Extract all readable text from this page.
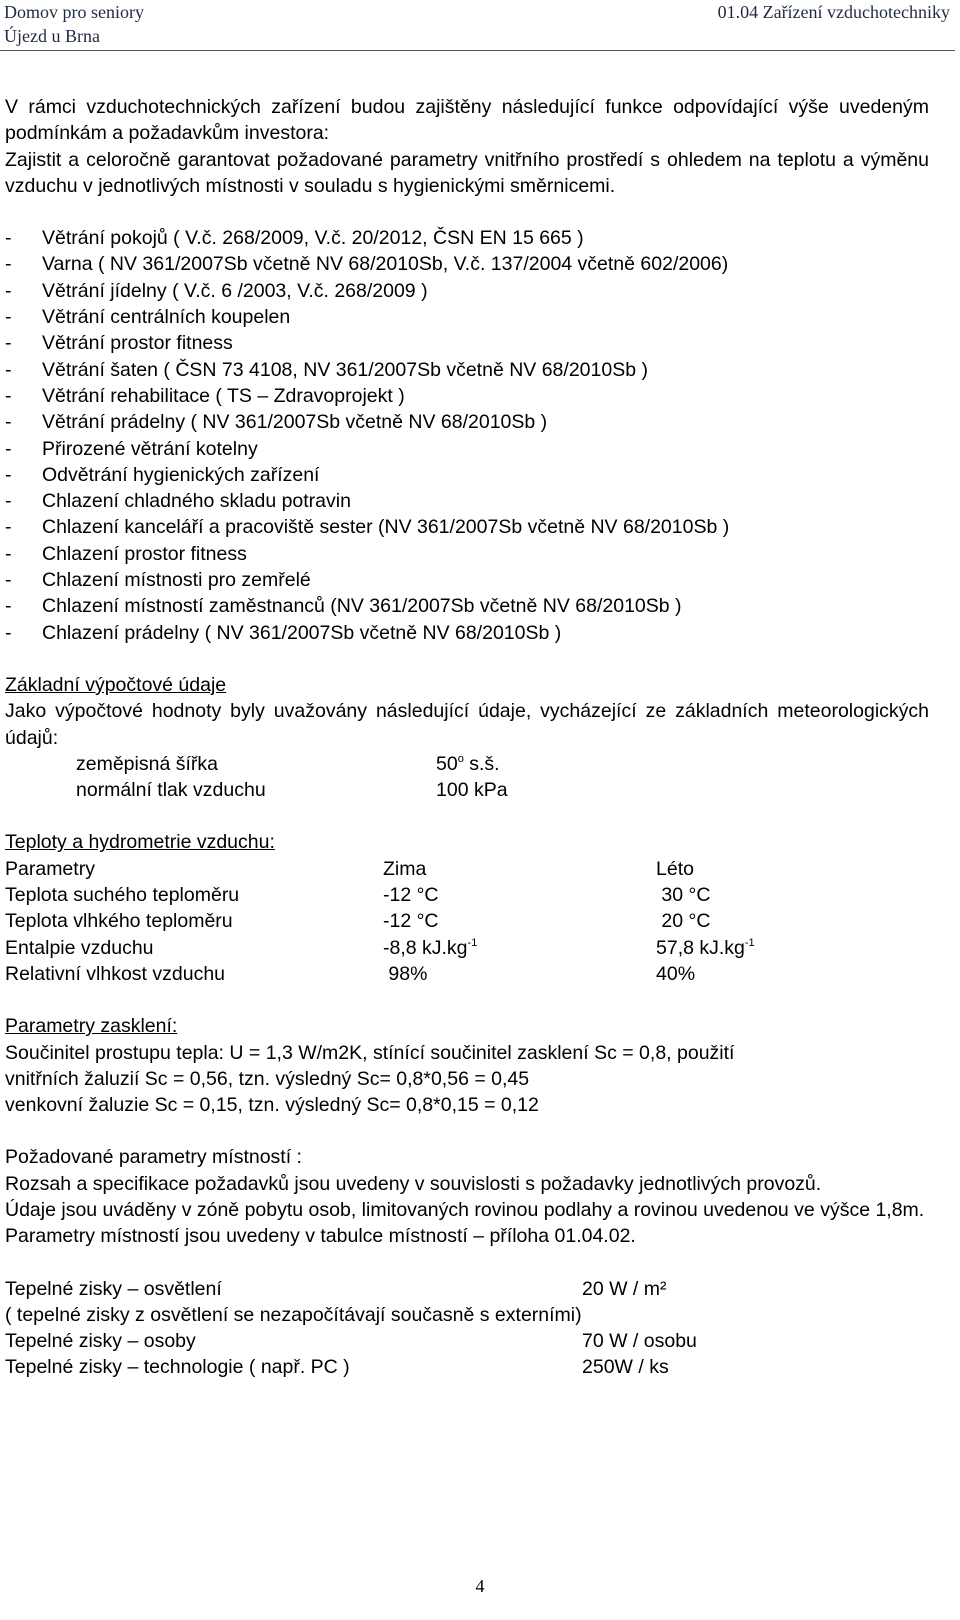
Domov pro seniory
Újezd u Brna
01.04 Zařízení vzduchotechniky
V rámci vzduchotechnických zařízení budou zajištěny následující funkce odpovídající výše uvedeným podmínkám a požadavkům investora:
Zajistit a celoročně garantovat požadované parametry vnitřního prostředí s ohledem na teplotu a výměnu vzduchu v jednotlivých místnosti v souladu s hygienickými směrnicemi.
- Větrání pokojů ( V.č. 268/2009, V.č. 20/2012, ČSN EN 15 665 )
- Varna ( NV 361/2007Sb včetně NV 68/2010Sb, V.č. 137/2004 včetně 602/2006)
- Větrání jídelny ( V.č. 6 /2003, V.č. 268/2009 )
- Větrání centrálních koupelen
- Větrání prostor fitness
- Větrání šaten ( ČSN 73 4108, NV 361/2007Sb včetně NV 68/2010Sb )
- Větrání rehabilitace ( TS – Zdravoprojekt )
- Větrání prádelny ( NV 361/2007Sb včetně NV 68/2010Sb )
- Přirozené větrání kotelny
- Odvětrání hygienických zařízení
- Chlazení chladného skladu potravin
- Chlazení kanceláří a pracoviště sester (NV 361/2007Sb včetně NV 68/2010Sb )
- Chlazení prostor fitness
- Chlazení místnosti pro zemřelé
- Chlazení místností zaměstnanců (NV 361/2007Sb včetně NV 68/2010Sb )
- Chlazení prádelny ( NV 361/2007Sb včetně NV 68/2010Sb )
Základní výpočtové údaje
Jako výpočtové hodnoty byly uvažovány následující údaje, vycházející ze základních meteorologických údajů:
zeměpisná šířka	50$^o$ s.š.
normální tlak vzduchu	100 kPa
Teploty a hydrometrie vzduchu:
Parametry	Zima	Léto
Teplota suchého teploměru	-12 °C	30 °C
Teplota vlhkého teploměru	-12 °C	20 °C
Entalpie vzduchu	-8,8 $kJ.kg^{-1}$	57,8 $kJ.kg^{-1}$
Relativní vlhkost vzduchu	98%	40%
Parametry zasklení:
Součinitel prostupu tepla: U = 1,3 W/m2K, stínící součinitel zasklení Sc = 0,8, použití
vnitřních žaluzií Sc = 0,56, tzn. výsledný Sc= 0,8*0,56 = 0,45
venkovní žaluzie Sc = 0,15, tzn. výsledný Sc= 0,8*0,15 = 0,12
Požadované parametry místností :
Rozsah a specifikace požadavků jsou uvedeny v souvislosti s požadavky jednotlivých provozů.
Údaje jsou uváděny v zóně pobytu osob, limitovaných rovinou podlahy a rovinou uvedenou ve výšce 1,8m.
Parametry místností jsou uvedeny v tabulce místností – příloha 01.04.02.
Tepelné zisky – osvětlení	20 W / m²
( tepelné zisky z osvětlení se nezapočítávají současně s externími)
Tepelné zisky – osoby	70 W / osobu
Tepelné zisky – technologie ( např. PC )	250W / ks
4
